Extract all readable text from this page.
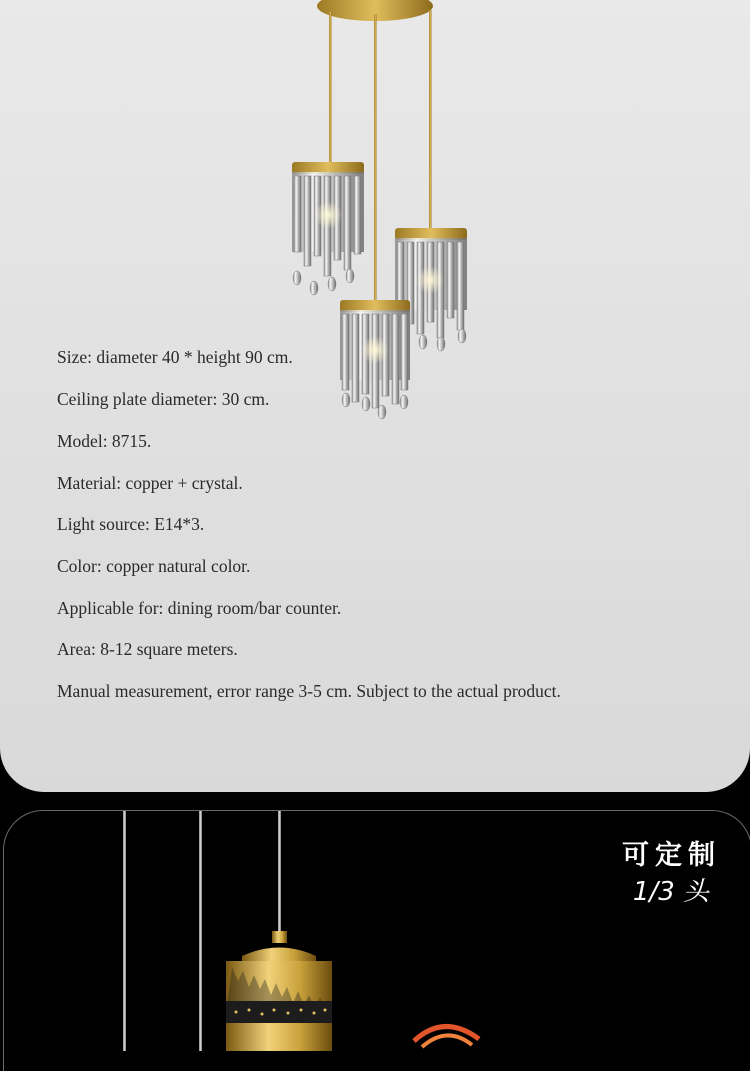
Size: diameter 40 * height 90 cm.
Ceiling plate diameter: 30 cm.
Model: 8715.
Material: copper + crystal.
Light source: E14*3.
Color: copper natural color.
Applicable for: dining room/bar counter.
Area: 8-12 square meters.
Manual measurement, error range 3-5 cm. Subject to the actual product.
可定制
1/3 头
